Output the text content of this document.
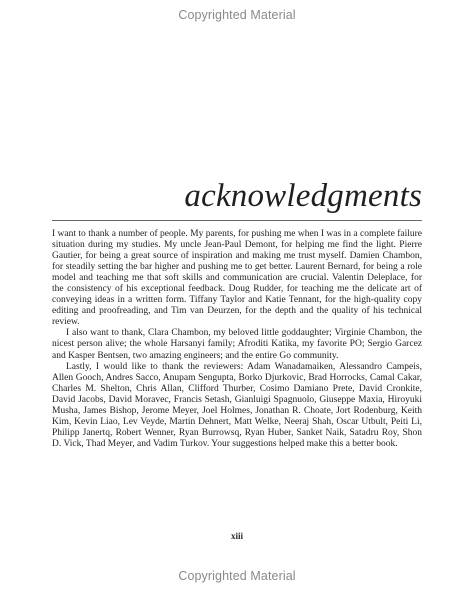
Copyrighted Material
acknowledgments

I want to thank a number of people. My parents, for pushing me when I was in a complete failure situation during my studies. My uncle Jean-Paul Demont, for helping me find the light. Pierre Gautier, for being a great source of inspiration and making me trust myself. Damien Chambon, for steadily setting the bar higher and pushing me to get better. Laurent Bernard, for being a role model and teaching me that soft skills and communication are crucial. Valentin Deleplace, for the consistency of his exceptional feedback. Doug Rudder, for teaching me the delicate art of conveying ideas in a written form. Tiffany Taylor and Katie Tennant, for the high-quality copy editing and proofreading, and Tim van Deurzen, for the depth and the quality of his technical review.

I also want to thank, Clara Chambon, my beloved little goddaughter; Virginie Chambon, the nicest person alive; the whole Harsanyi family; Afroditi Katika, my favorite PO; Sergio Garcez and Kasper Bentsen, two amazing engineers; and the entire Go community.

Lastly, I would like to thank the reviewers: Adam Wanadamaiken, Alessandro Campeis, Allen Gooch, Andres Sacco, Anupam Sengupta, Borko Djurkovic, Brad Horrocks, Camal Cakar, Charles M. Shelton, Chris Allan, Clifford Thurber, Cosimo Damiano Prete, David Cronkite, David Jacobs, David Moravec, Francis Setash, Gianluigi Spagnuolo, Giuseppe Maxia, Hiroyuki Musha, James Bishop, Jerome Meyer, Joel Holmes, Jonathan R. Choate, Jort Rodenburg, Keith Kim, Kevin Liao, Lev Veyde, Martin Dehnert, Matt Welke, Neeraj Shah, Oscar Utbult, Peiti Li, Philipp Janertq, Robert Wenner, Ryan Burrowsq, Ryan Huber, Sanket Naik, Satadru Roy, Shon D. Vick, Thad Meyer, and Vadim Turkov. Your suggestions helped make this a better book.

xiii
Copyrighted Material
